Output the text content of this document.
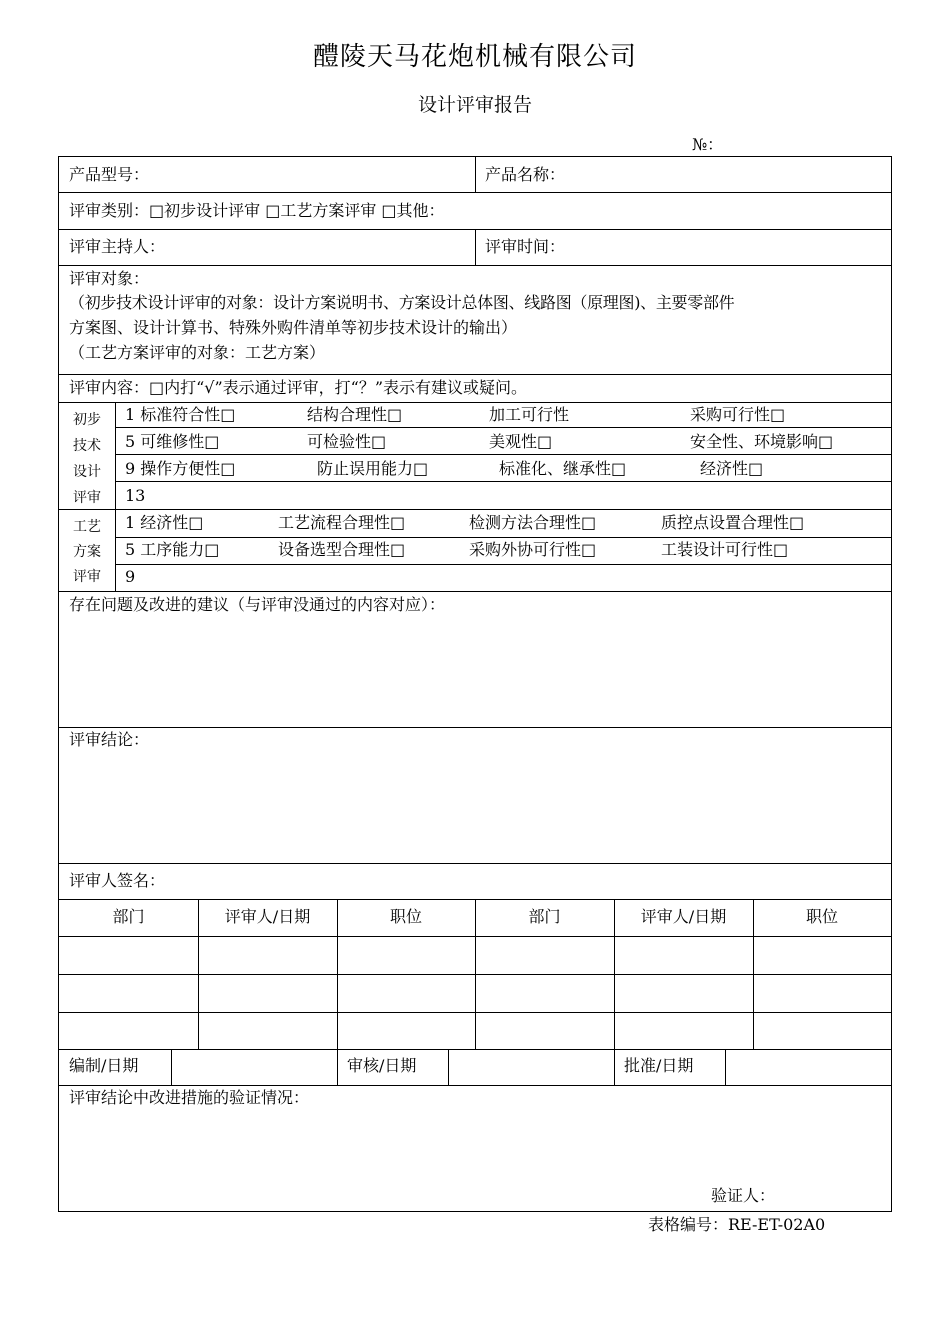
醴陵天马花炮机械有限公司
设计评审报告
№：
产品型号：	产品名称：
评审类别：□初步设计评审 □工艺方案评审 □其他：
评审主持人：	评审时间：
评审对象：
（初步技术设计评审的对象：设计方案说明书、方案设计总体图、线路图（原理图)、主要零部件
方案图、设计计算书、特殊外购件清单等初步技术设计的输出）
（工艺方案评审的对象：工艺方案）
评审内容：□内打“√”表示通过评审，打“？”表示有建议或疑问。
初步
技术
设计
评审
1 标准符合性□	结构合理性□	加工可行性	采购可行性□
5 可维修性□	可检验性□	美观性□	安全性、环境影响□
9 操作方便性□	防止误用能力□	标准化、继承性□	经济性□
13
工艺
方案
评审
1 经济性□	工艺流程合理性□	检测方法合理性□	质控点设置合理性□
5 工序能力□	设备选型合理性□	采购外协可行性□	工装设计可行性□
9
存在问题及改进的建议（与评审没通过的内容对应）：
评审结论：
评审人签名：
部门	评审人/日期	职位	部门	评审人/日期	职位
编制/日期	审核/日期	批准/日期
评审结论中改进措施的验证情况：
验证人：
表格编号：RE-ET-02A0
